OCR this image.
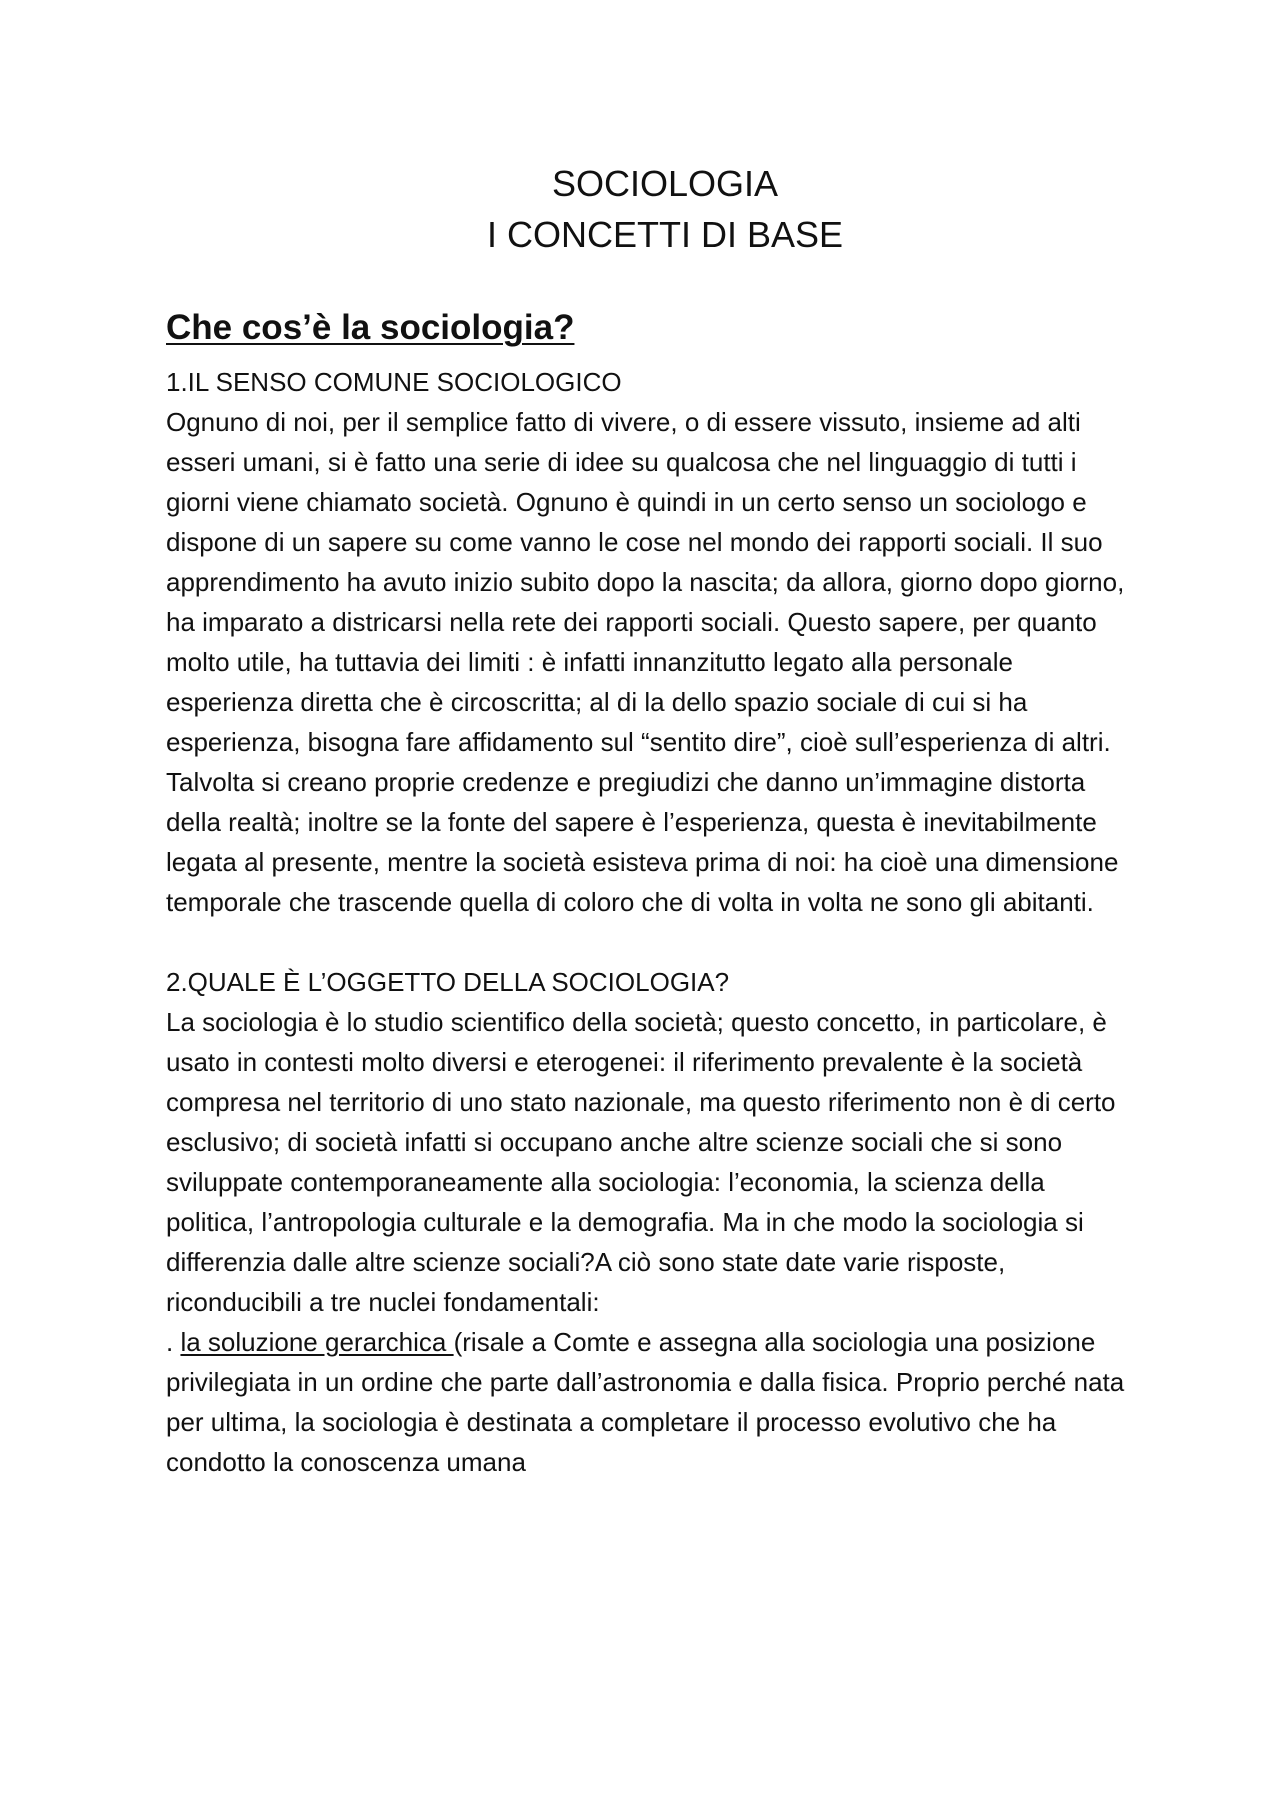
SOCIOLOGIA
I CONCETTI DI BASE
Che cos’è la sociologia?

1.IL SENSO COMUNE SOCIOLOGICO

Ognuno di noi, per il semplice fatto di vivere, o di essere vissuto, insieme ad alti esseri umani, si è fatto una serie di idee su qualcosa che nel linguaggio di tutti i giorni viene chiamato società. Ognuno è quindi in un certo senso un sociologo e dispone di un sapere su come vanno le cose nel mondo dei rapporti sociali. Il suo apprendimento ha avuto inizio subito dopo la nascita; da allora, giorno dopo giorno, ha imparato a districarsi nella rete dei rapporti sociali. Questo sapere, per quanto molto utile, ha tuttavia dei limiti : è infatti innanzitutto legato alla personale esperienza diretta che è circoscritta; al di la dello spazio sociale di cui si ha esperienza, bisogna fare affidamento sul “sentito dire”, cioè sull’esperienza di altri. Talvolta si creano proprie credenze e pregiudizi che danno un’immagine distorta della realtà; inoltre se la fonte del sapere è l’esperienza, questa è inevitabilmente legata al presente, mentre la società esisteva prima di noi: ha cioè una dimensione temporale che trascende quella di coloro che di volta in volta ne sono gli abitanti.

2.QUALE È L’OGGETTO DELLA SOCIOLOGIA?

La sociologia è lo studio scientifico della società; questo concetto, in particolare, è usato in contesti molto diversi e eterogenei: il riferimento prevalente è la società compresa nel territorio di uno stato nazionale, ma questo riferimento non è di certo esclusivo; di società infatti si occupano anche altre scienze sociali che si sono sviluppate contemporaneamente alla sociologia: l’economia, la scienza della politica, l’antropologia culturale e la demografia. Ma in che modo la sociologia si differenzia dalle altre scienze sociali?A ciò sono state date varie risposte, riconducibili a tre nuclei fondamentali:

. la soluzione gerarchica (risale a Comte e assegna alla sociologia una posizione privilegiata in un ordine che parte dall’astronomia e dalla fisica. Proprio perché nata per ultima, la sociologia è destinata a completare il processo evolutivo che ha condotto la conoscenza umana
